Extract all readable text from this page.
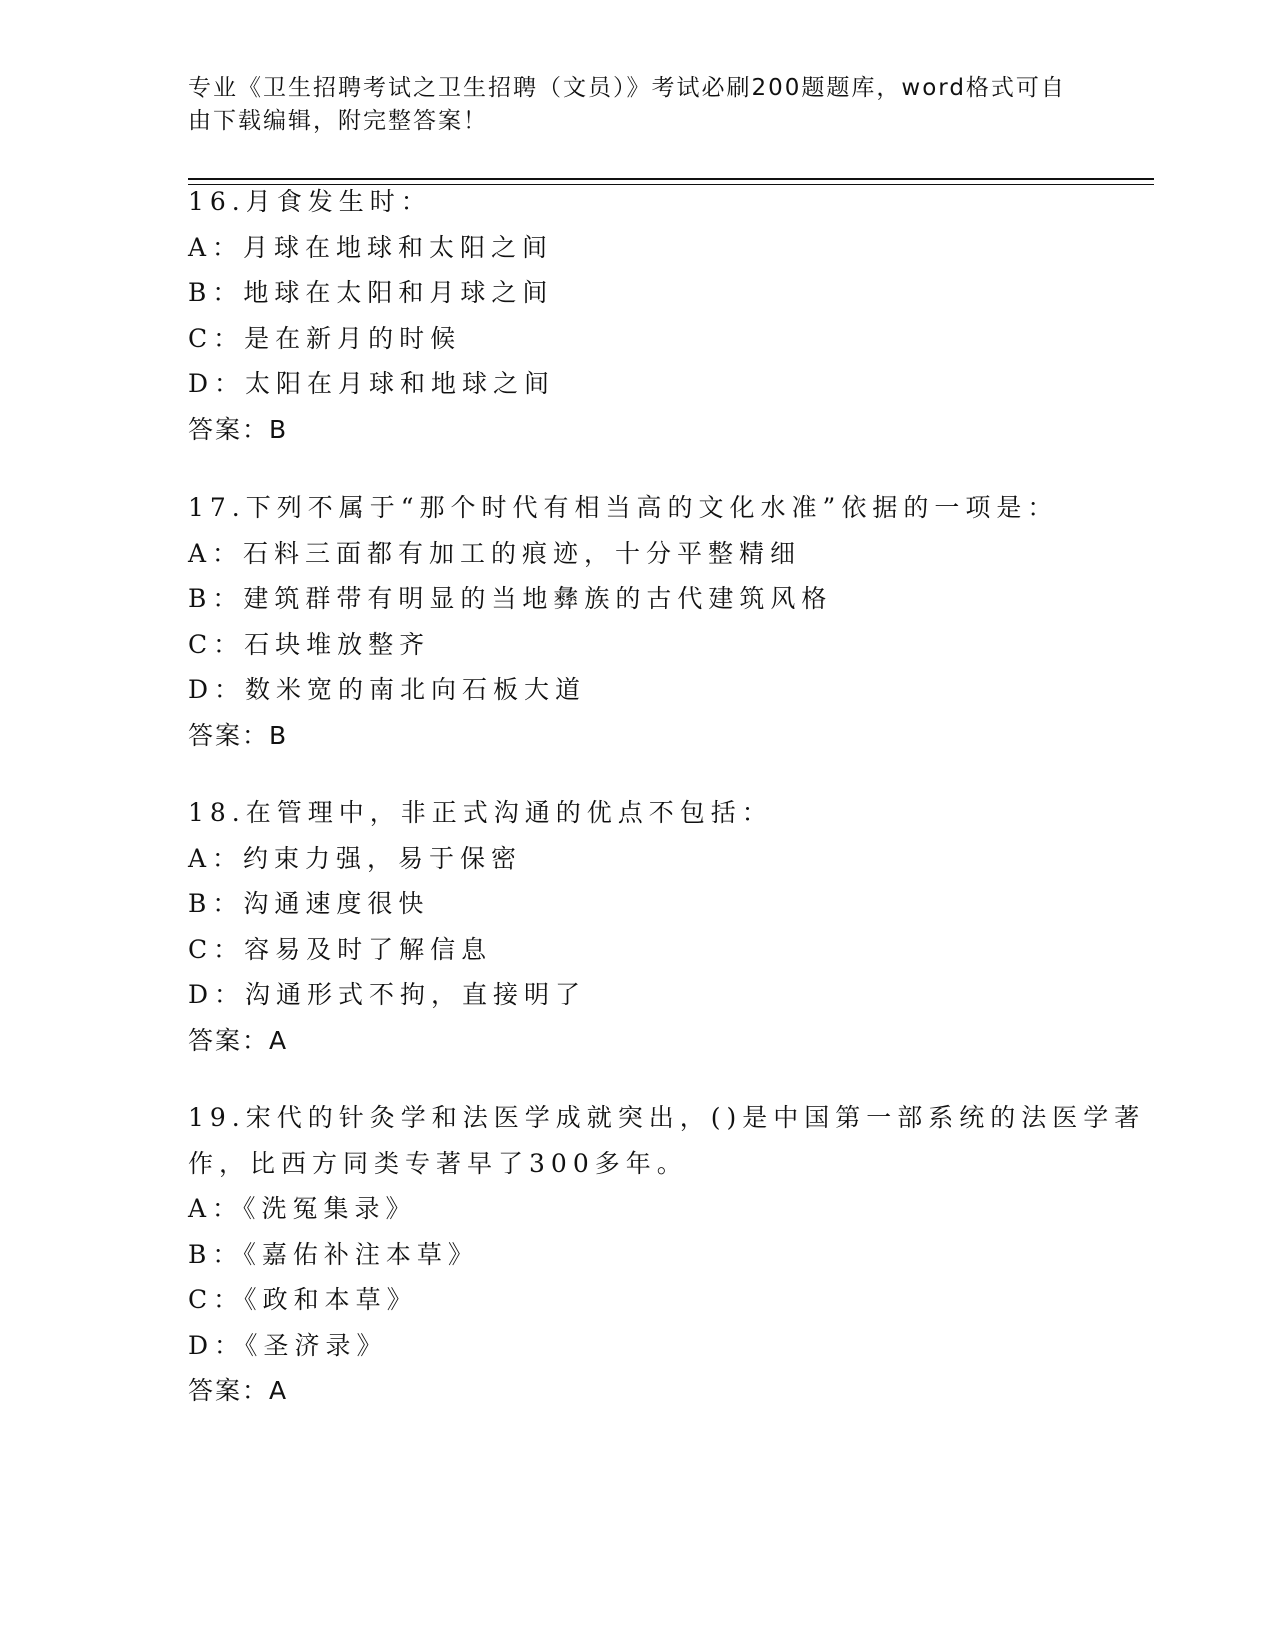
专业《卫生招聘考试之卫生招聘（文员）》考试必刷200题题库，word格式可自
由下载编辑，附完整答案！
16.月食发生时：
A：月球在地球和太阳之间
B：地球在太阳和月球之间
C：是在新月的时候
D：太阳在月球和地球之间
答案：B
17.下列不属于“那个时代有相当高的文化水准”依据的一项是：
A：石料三面都有加工的痕迹，十分平整精细
B：建筑群带有明显的当地彝族的古代建筑风格
C：石块堆放整齐
D：数米宽的南北向石板大道
答案：B
18.在管理中，非正式沟通的优点不包括：
A：约束力强，易于保密
B：沟通速度很快
C：容易及时了解信息
D：沟通形式不拘，直接明了
答案：A
19.宋代的针灸学和法医学成就突出，()是中国第一部系统的法医学著
作，比西方同类专著早了300多年。
A：《洗冤集录》
B：《嘉佑补注本草》
C：《政和本草》
D：《圣济录》
答案：A
